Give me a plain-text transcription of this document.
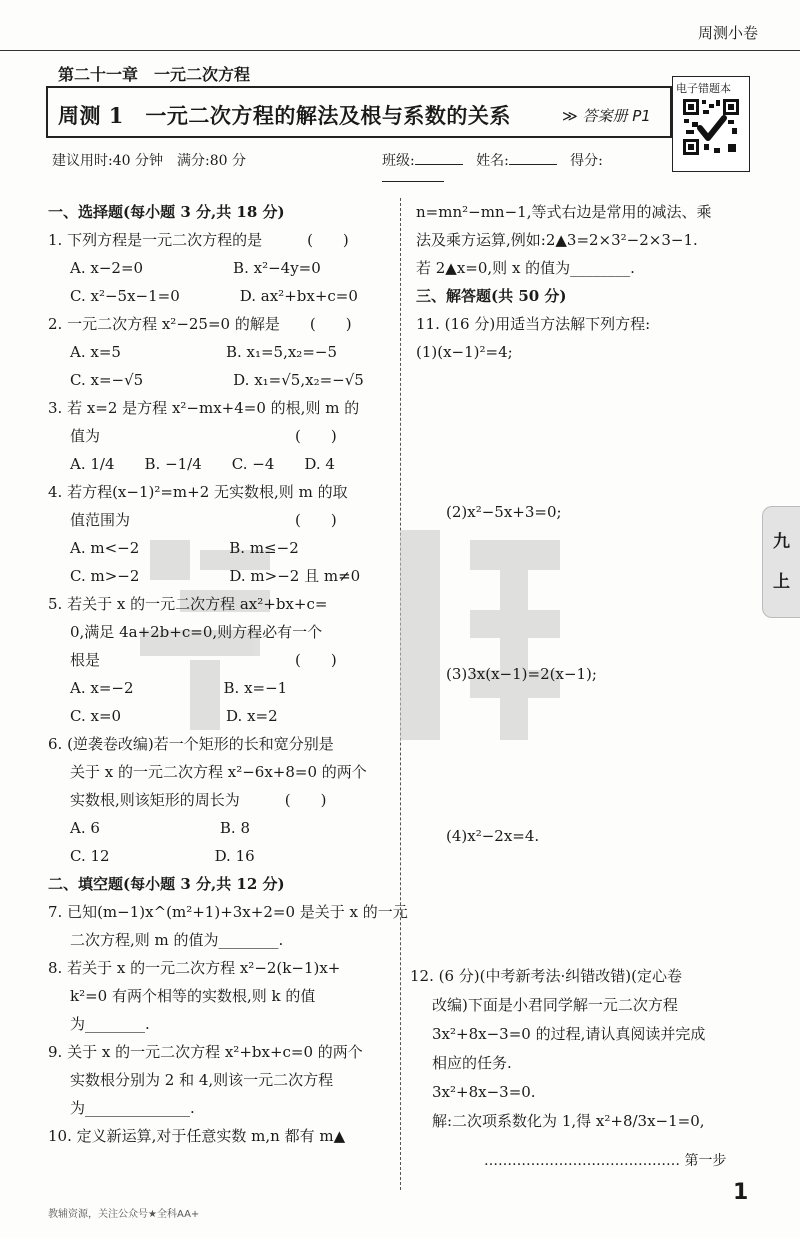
周测小卷
第二十一章　一元二次方程
周测 1　一元二次方程的解法及根与系数的关系	≫ 答案册 P1
电子错题本
建议用时:40 分钟　满分:80 分	班级:	姓名:	得分:
一、选择题(每小题 3 分,共 18 分)
1. 下列方程是一元二次方程的是　　　(　　)
A. x−2=0　　　　　　B. x²−4y=0
C. x²−5x−1=0　　　　D. ax²+bx+c=0
2. 一元二次方程 x²−25=0 的解是　　(　　)
A. x=5　　　　　　　B. x₁=5,x₂=−5
C. x=−√5　　　　　　D. x₁=√5,x₂=−√5
3. 若 x=2 是方程 x²−mx+4=0 的根,则 m 的
值为　　　　　　　　　　　　　(　　)
A. 1/4　　B. −1/4　　C. −4　　D. 4
4. 若方程(x−1)²=m+2 无实数根,则 m 的取
值范围为　　　　　　　　　　　(　　)
A. m<−2　　　　　　B. m≤−2
C. m>−2　　　　　　D. m>−2 且 m≠0
5. 若关于 x 的一元二次方程 ax²+bx+c=
0,满足 4a+2b+c=0,则方程必有一个
根是　　　　　　　　　　　　　(　　)
A. x=−2　　　　　　B. x=−1
C. x=0　　　　　　　D. x=2
6. (逆袭卷改编)若一个矩形的长和宽分别是
关于 x 的一元二次方程 x²−6x+8=0 的两个
实数根,则该矩形的周长为　　　(　　)
A. 6　　　　　　　　B. 8
C. 12　　　　　　　D. 16
二、填空题(每小题 3 分,共 12 分)
7. 已知(m−1)x^(m²+1)+3x+2=0 是关于 x 的一元
二次方程,则 m 的值为________.
8. 若关于 x 的一元二次方程 x²−2(k−1)x+
k²=0 有两个相等的实数根,则 k 的值
为________.
9. 关于 x 的一元二次方程 x²+bx+c=0 的两个
实数根分别为 2 和 4,则该一元二次方程
为______________.
10. 定义新运算,对于任意实数 m,n 都有 m▲
n=mn²−mn−1,等式右边是常用的减法、乘
法及乘方运算,例如:2▲3=2×3²−2×3−1.
若 2▲x=0,则 x 的值为________.
三、解答题(共 50 分)
11. (16 分)用适当方法解下列方程:
(1)(x−1)²=4;
(2)x²−5x+3=0;
(3)3x(x−1)=2(x−1);
(4)x²−2x=4.
12. (6 分)(中考新考法·纠错改错)(定心卷
改编)下面是小君同学解一元二次方程
3x²+8x−3=0 的过程,请认真阅读并完成
相应的任务.
3x²+8x−3=0.
解:二次项系数化为 1,得 x²+8/3x−1=0,
…………………………………… 第一步
九
上
1
教辅资源，关注公众号★全科AA+
